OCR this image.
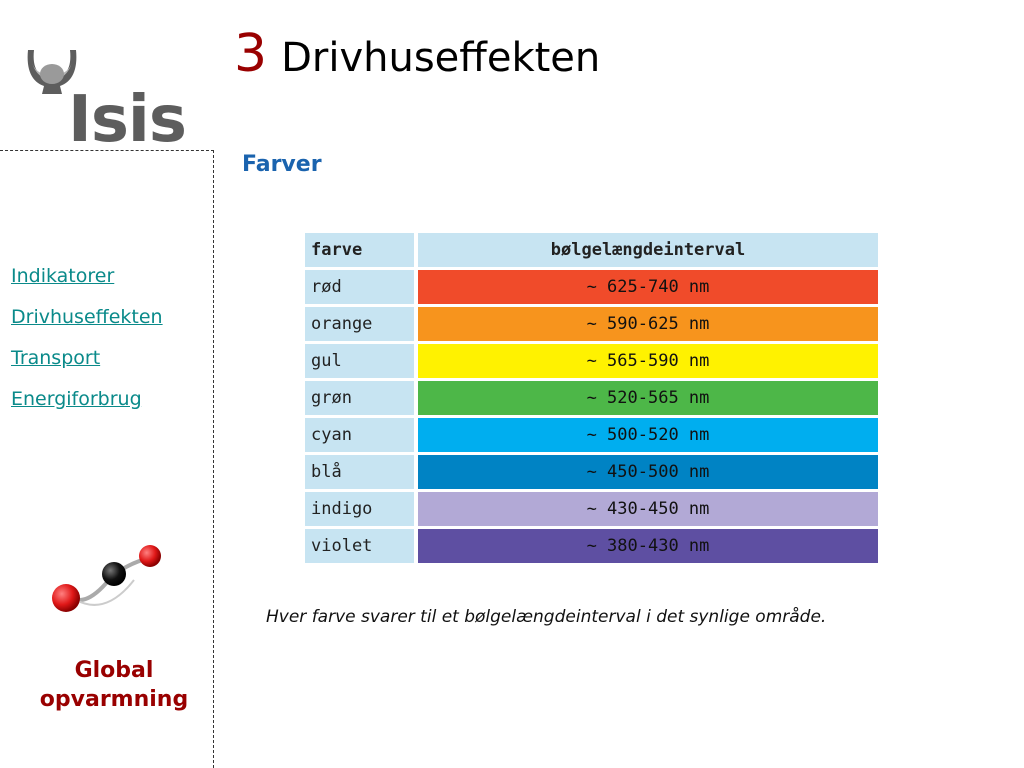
Isis
3 Drivhuseffekten
Farver
Indikatorer
Drivhuseffekten
Transport
Energiforbrug
Global
opvarmning
farve	bølgelængdeinterval
rød	~ 625-740 nm
orange	~ 590-625 nm
gul	~ 565-590 nm
grøn	~ 520-565 nm
cyan	~ 500-520 nm
blå	~ 450-500 nm
indigo	~ 430-450 nm
violet	~ 380-430 nm
Hver farve svarer til et bølgelængdeinterval i det synlige område.
